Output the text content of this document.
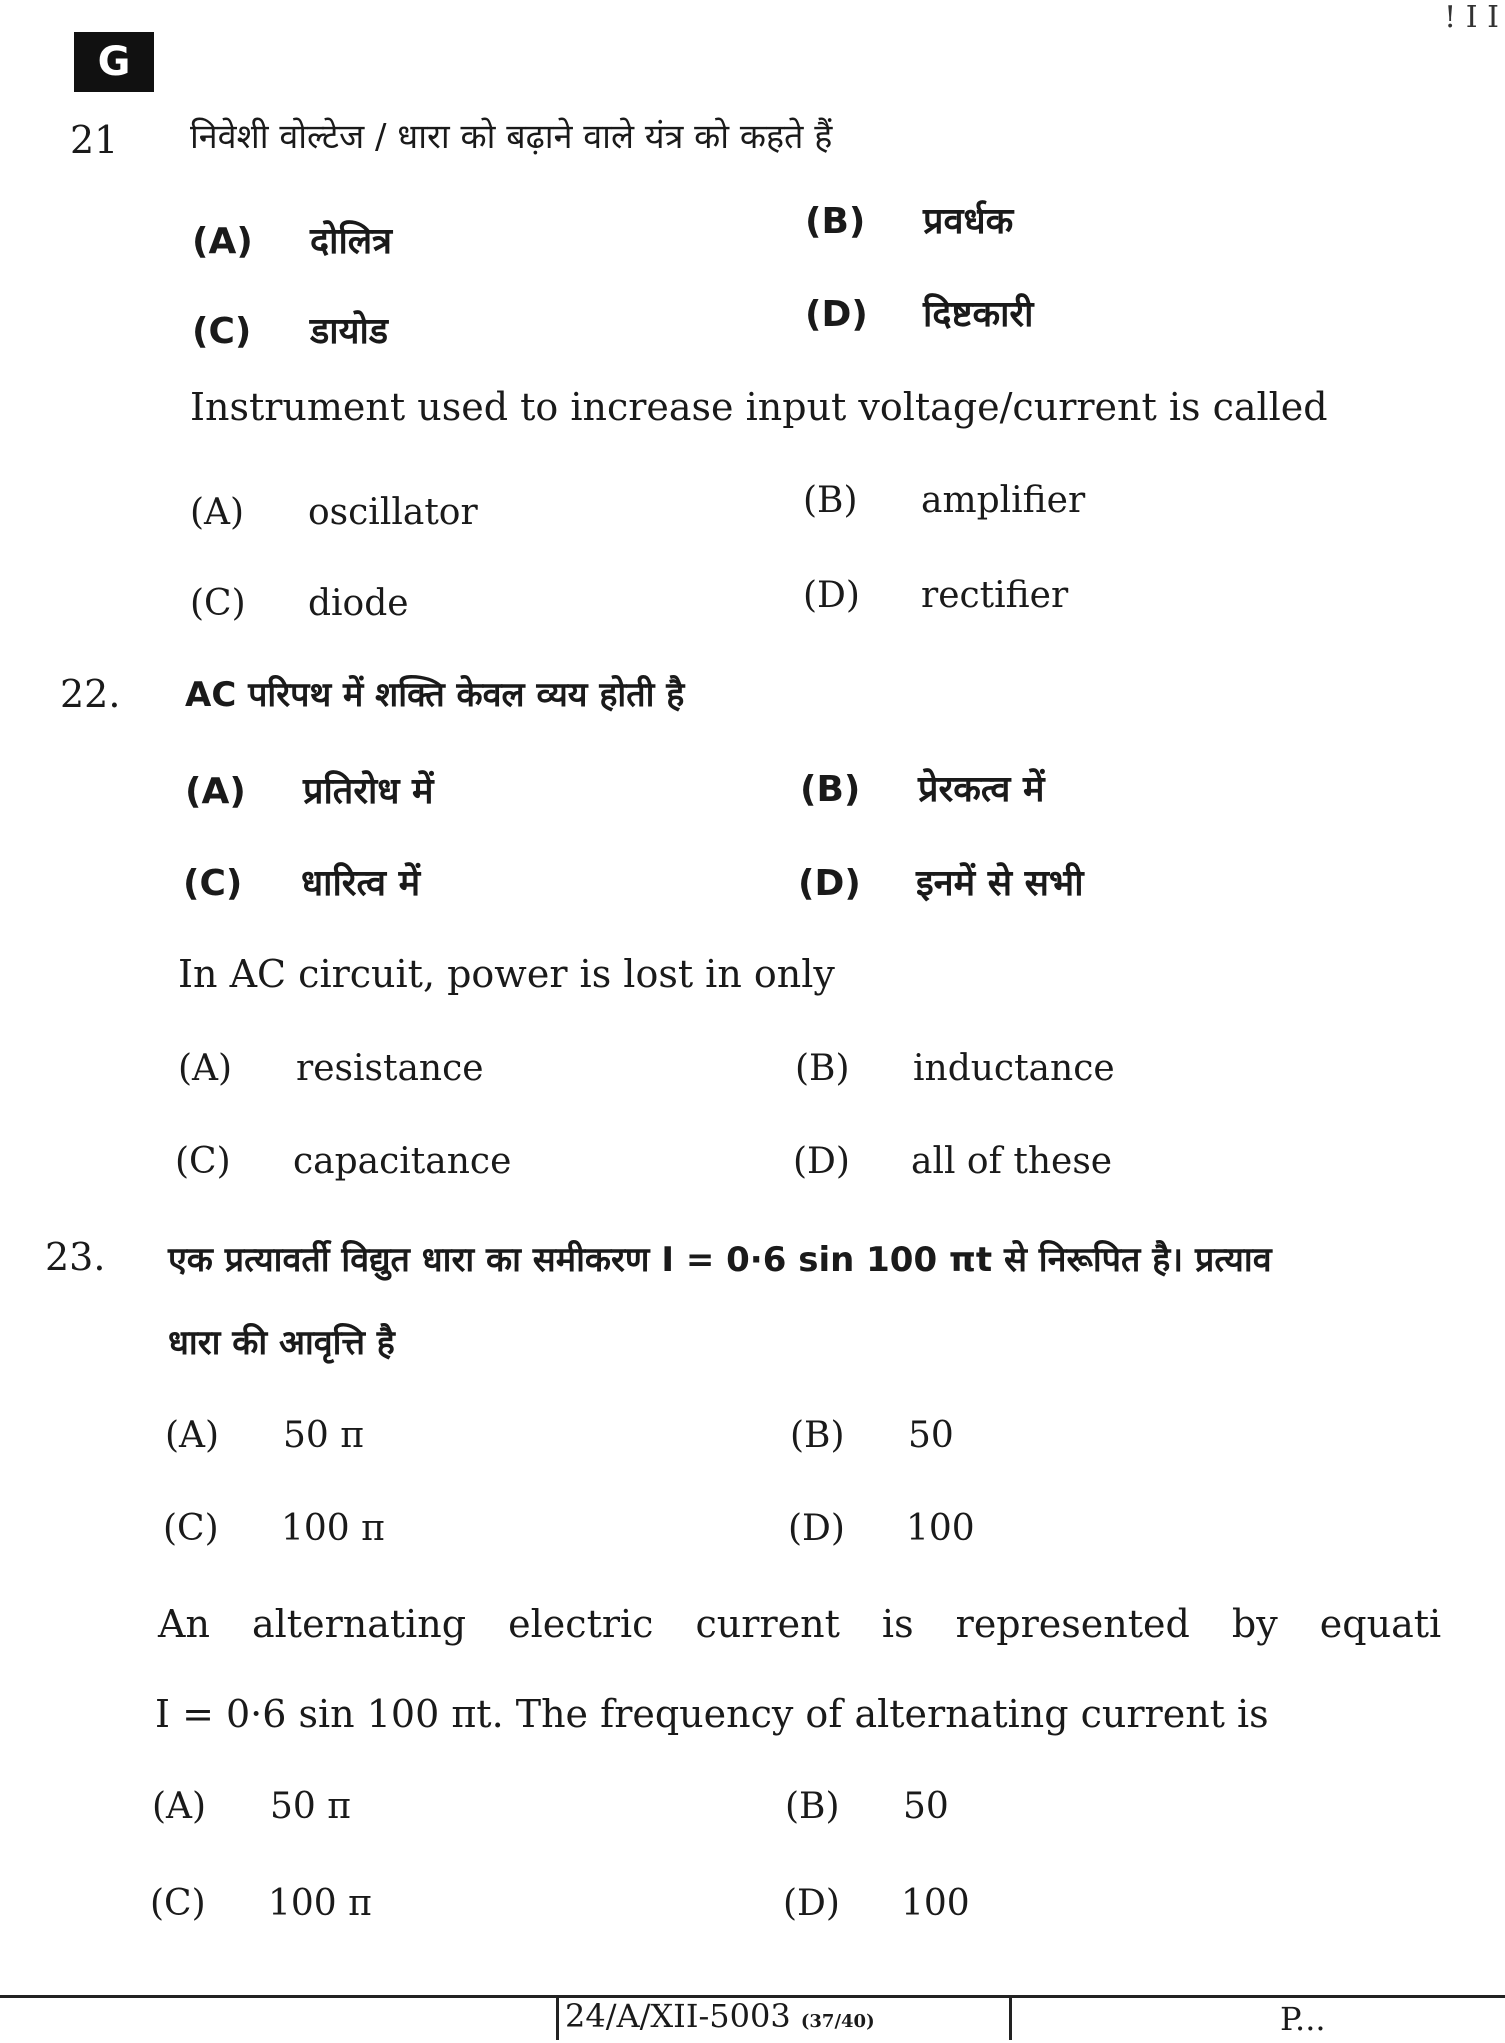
G
! I I
21 निवेशी वोल्टेज / धारा को बढ़ाने वाले यंत्र को कहते हैं
(A) दोलित्र	(B) प्रवर्धक
(C) डायोड	(D) दिष्टकारी
Instrument used to increase input voltage/current is called
(A) oscillator	(B) amplifier
(C) diode	(D) rectifier
22. AC परिपथ में शक्ति केवल व्यय होती है
(A) प्रतिरोध में	(B) प्रेरकत्व में
(C) धारित्व में	(D) इनमें से सभी
In AC circuit, power is lost in only
(A) resistance	(B) inductance
(C) capacitance	(D) all of these
23. एक प्रत्यावर्ती विद्युत धारा का समीकरण I = 0·6 sin 100 πt से निरूपित है। प्रत्याव
धारा की आवृत्ति है
(A) 50 π	(B) 50
(C) 100 π	(D) 100
An alternating electric current is represented by equati
I = 0·6 sin 100 πt. The frequency of alternating current is
(A) 50 π	(B) 50
(C) 100 π	(D) 100
24/A/XII-5003 (37/40)	P...
